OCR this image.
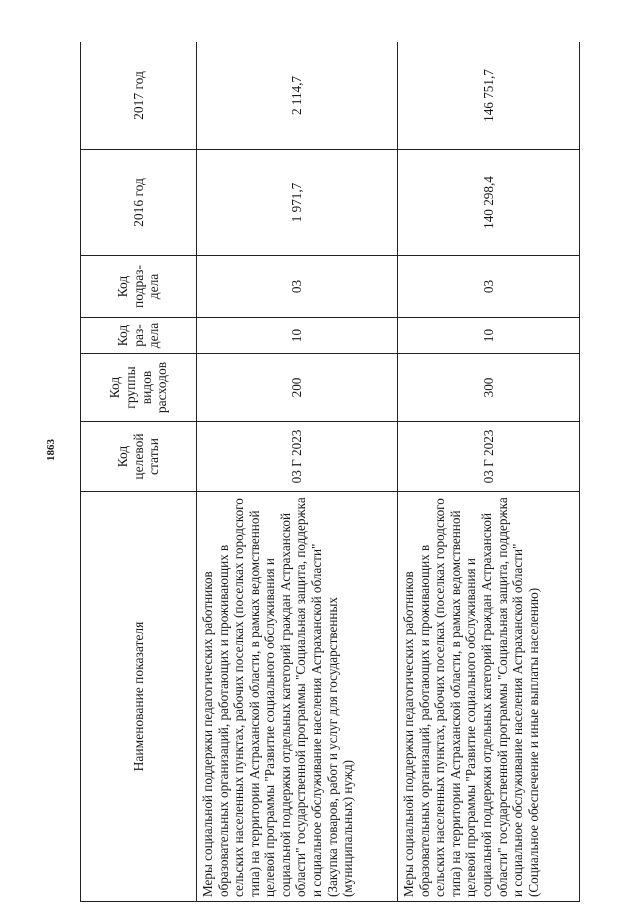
1863
Наименование показателя	Код целевой статьи	Код группы видов расходов	Код раз-дела	Код подраз-дела	2016 год	2017 год
Меры социальной поддержки педагогических работников образовательных организаций, работающих и проживающих в сельских населенных пунктах, рабочих поселках (поселках городского типа) на территории Астраханской области, в рамках ведомственной целевой программы "Развитие социального обслуживания и социальной поддержки отдельных категорий граждан Астраханской области" государственной программы "Социальная защита, поддержка и социальное обслуживание населения Астраханской области" (Закупка товаров, работ и услуг для государственных (муниципальных) нужд)	03 Г 2023	200	10	03	1 971,7	2 114,7
Меры социальной поддержки педагогических работников образовательных организаций, работающих и проживающих в сельских населенных пунктах, рабочих поселках (поселках городского типа) на территории Астраханской области, в рамках ведомственной целевой программы "Развитие социального обслуживания и социальной поддержки отдельных категорий граждан Астраханской области" государственной программы "Социальная защита, поддержка и социальное обслуживание населения Астраханской области" (Социальное обеспечение и иные выплаты населению)	03 Г 2023	300	10	03	140 298,4	146 751,7
